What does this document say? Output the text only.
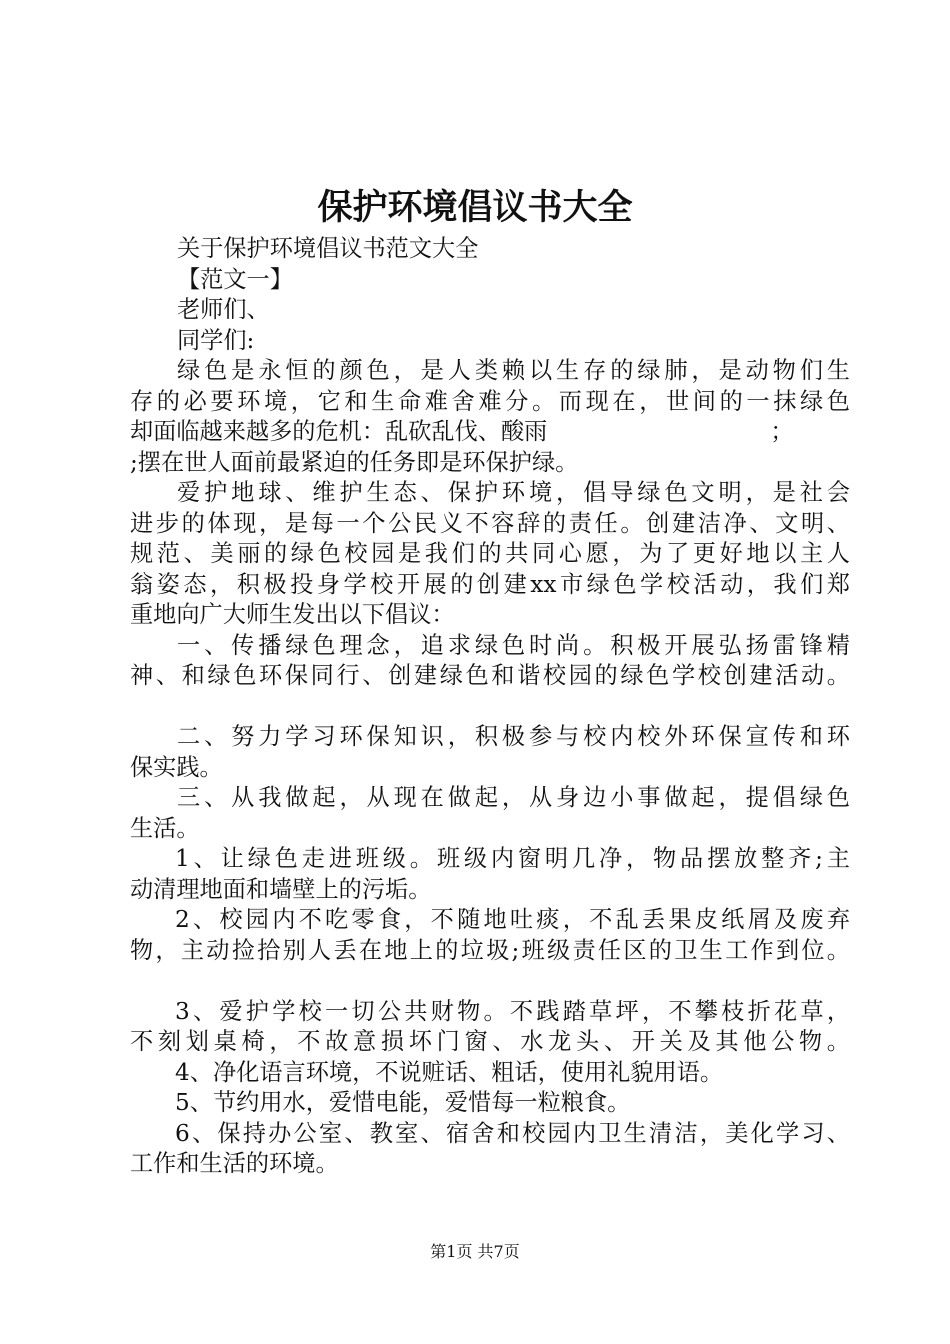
保护环境倡议书大全
关于保护环境倡议书范文大全
【范文一】
老师们、
同学们:
绿色是永恒的颜色，是人类赖以生存的绿肺，是动物们生
存的必要环境，它和生命难舍难分。而现在，世间的一抹绿色
却面临越来越多的危机：乱砍乱伐、酸雨	；
;摆在世人面前最紧迫的任务即是环保护绿。
爱护地球、维护生态、保护环境，倡导绿色文明，是社会
进步的体现，是每一个公民义不容辞的责任。创建洁净、文明、
规范、美丽的绿色校园是我们的共同心愿，为了更好地以主人
翁姿态，积极投身学校开展的创建xx市绿色学校活动，我们郑
重地向广大师生发出以下倡议：
一、传播绿色理念，追求绿色时尚。积极开展弘扬雷锋精
神、和绿色环保同行、创建绿色和谐校园的绿色学校创建活动。
二、努力学习环保知识，积极参与校内校外环保宣传和环
保实践。
三、从我做起，从现在做起，从身边小事做起，提倡绿色
生活。
1、让绿色走进班级。班级内窗明几净，物品摆放整齐;主
动清理地面和墙壁上的污垢。
2、校园内不吃零食，不随地吐痰，不乱丢果皮纸屑及废弃
物，主动捡拾别人丢在地上的垃圾;班级责任区的卫生工作到位。
3、爱护学校一切公共财物。不践踏草坪，不攀枝折花草，
不刻划桌椅，不故意损坏门窗、水龙头、开关及其他公物。
4、净化语言环境，不说赃话、粗话，使用礼貌用语。
5、节约用水，爱惜电能，爱惜每一粒粮食。
6、保持办公室、教室、宿舍和校园内卫生清洁，美化学习、
工作和生活的环境。
第1页 共7页
